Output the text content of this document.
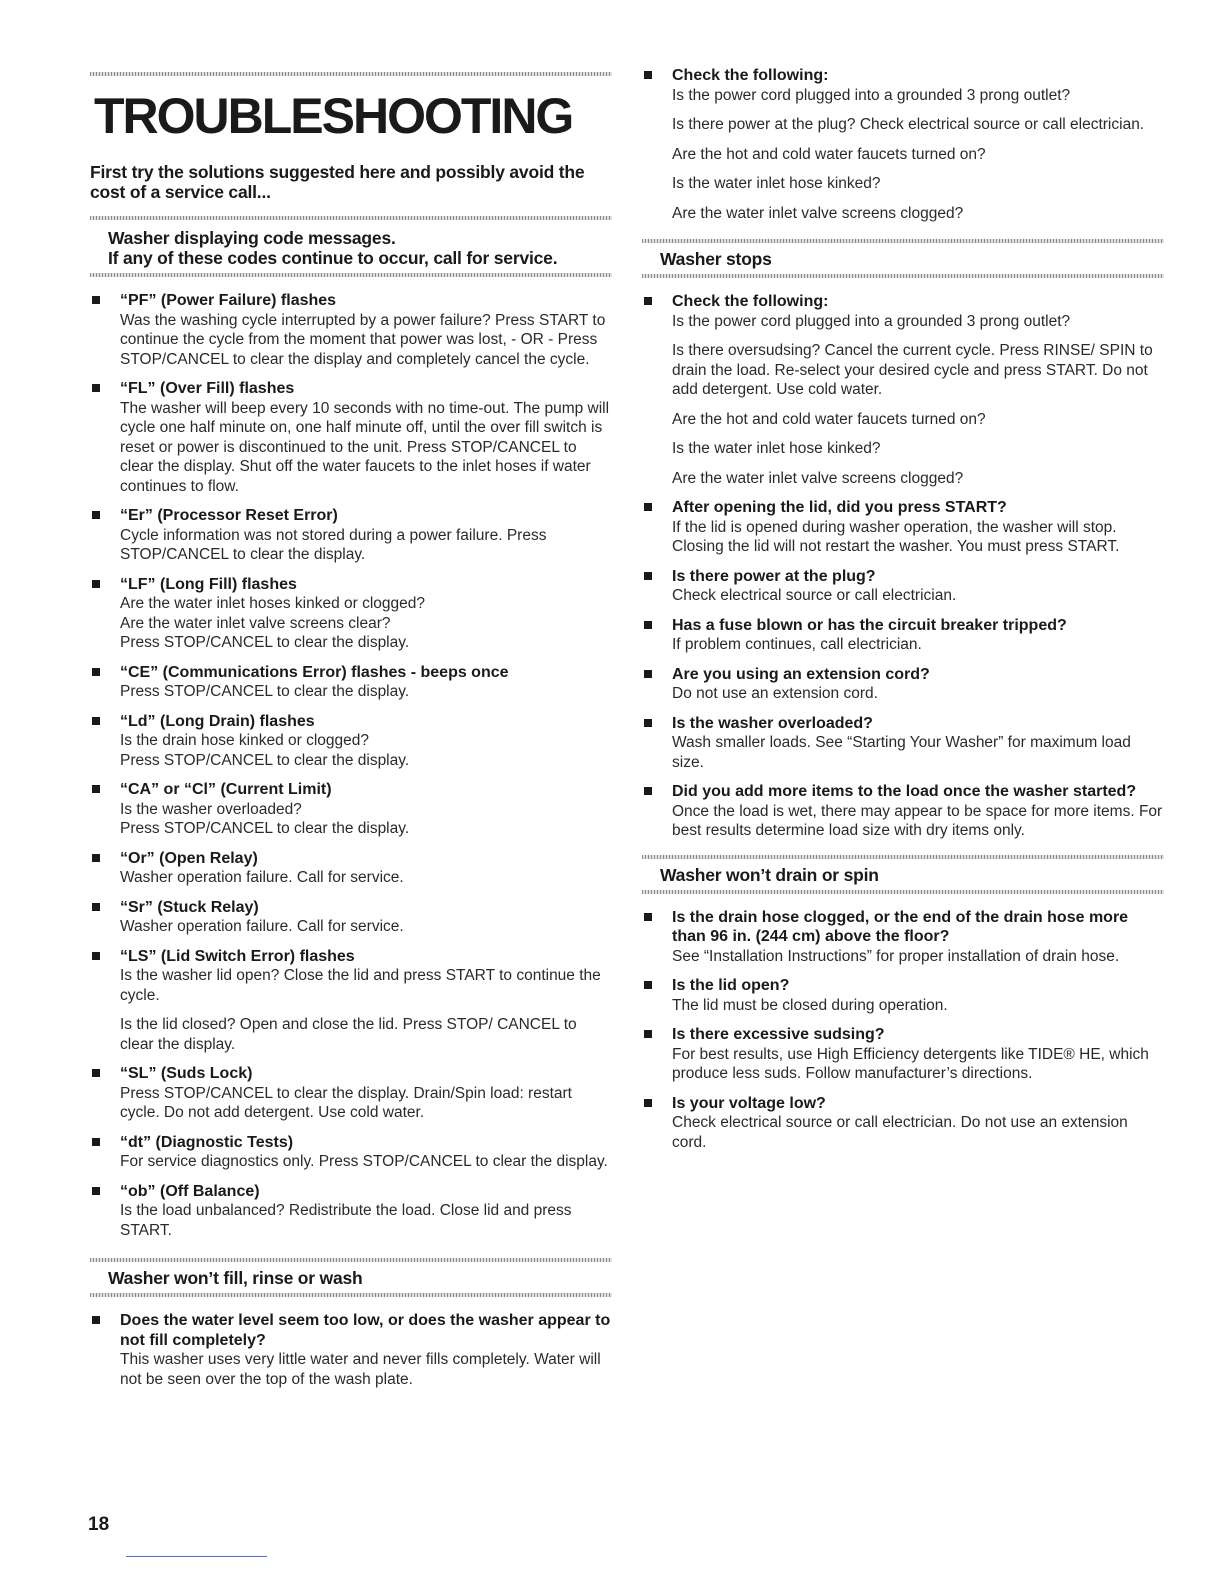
TROUBLESHOOTING

First try the solutions suggested here and possibly avoid the cost of a service call...

Washer displaying code messages.
If any of these codes continue to occur, call for service.
“PF” (Power Failure) flashes
Was the washing cycle interrupted by a power failure? Press START to continue the cycle from the moment that power was lost, - OR - Press STOP/CANCEL to clear the display and completely cancel the cycle.
“FL” (Over Fill) flashes
The washer will beep every 10 seconds with no time-out. The pump will cycle one half minute on, one half minute off, until the over fill switch is reset or power is discontinued to the unit. Press STOP/CANCEL to clear the display. Shut off the water faucets to the inlet hoses if water continues to flow.
“Er” (Processor Reset Error)
Cycle information was not stored during a power failure. Press STOP/CANCEL to clear the display.
“LF” (Long Fill) flashes
Are the water inlet hoses kinked or clogged?
Are the water inlet valve screens clear?
Press STOP/CANCEL to clear the display.
“CE” (Communications Error) flashes - beeps once
Press STOP/CANCEL to clear the display.
“Ld” (Long Drain) flashes
Is the drain hose kinked or clogged?
Press STOP/CANCEL to clear the display.
“CA” or “Cl” (Current Limit)
Is the washer overloaded?
Press STOP/CANCEL to clear the display.
“Or” (Open Relay)
Washer operation failure. Call for service.
“Sr” (Stuck Relay)
Washer operation failure. Call for service.
“LS” (Lid Switch Error) flashes
Is the washer lid open? Close the lid and press START to continue the cycle.
Is the lid closed? Open and close the lid. Press STOP/ CANCEL to clear the display.
“SL” (Suds Lock)
Press STOP/CANCEL to clear the display. Drain/Spin load: restart cycle. Do not add detergent. Use cold water.
“dt” (Diagnostic Tests)
For service diagnostics only. Press STOP/CANCEL to clear the display.
“ob” (Off Balance)
Is the load unbalanced? Redistribute the load. Close lid and press START.
Washer won’t fill, rinse or wash
Does the water level seem too low, or does the washer appear to not fill completely?
This washer uses very little water and never fills completely. Water will not be seen over the top of the wash plate.
Check the following:
Is the power cord plugged into a grounded 3 prong outlet?
Is there power at the plug? Check electrical source or call electrician.
Are the hot and cold water faucets turned on?
Is the water inlet hose kinked?
Are the water inlet valve screens clogged?
Washer stops
Check the following:
Is the power cord plugged into a grounded 3 prong outlet?
Is there oversudsing? Cancel the current cycle. Press RINSE/ SPIN to drain the load. Re-select your desired cycle and press START. Do not add detergent. Use cold water.
Are the hot and cold water faucets turned on?
Is the water inlet hose kinked?
Are the water inlet valve screens clogged?
After opening the lid, did you press START?
If the lid is opened during washer operation, the washer will stop. Closing the lid will not restart the washer. You must press START.
Is there power at the plug?
Check electrical source or call electrician.
Has a fuse blown or has the circuit breaker tripped?
If problem continues, call electrician.
Are you using an extension cord?
Do not use an extension cord.
Is the washer overloaded?
Wash smaller loads. See “Starting Your Washer” for maximum load size.
Did you add more items to the load once the washer started?
Once the load is wet, there may appear to be space for more items. For best results determine load size with dry items only.
Washer won’t drain or spin
Is the drain hose clogged, or the end of the drain hose more than 96 in. (244 cm) above the floor?
See “Installation Instructions” for proper installation of drain hose.
Is the lid open?
The lid must be closed during operation.
Is there excessive sudsing?
For best results, use High Efficiency detergents like TIDE® HE, which produce less suds. Follow manufacturer’s directions.
Is your voltage low?
Check electrical source or call electrician. Do not use an extension cord.
18
